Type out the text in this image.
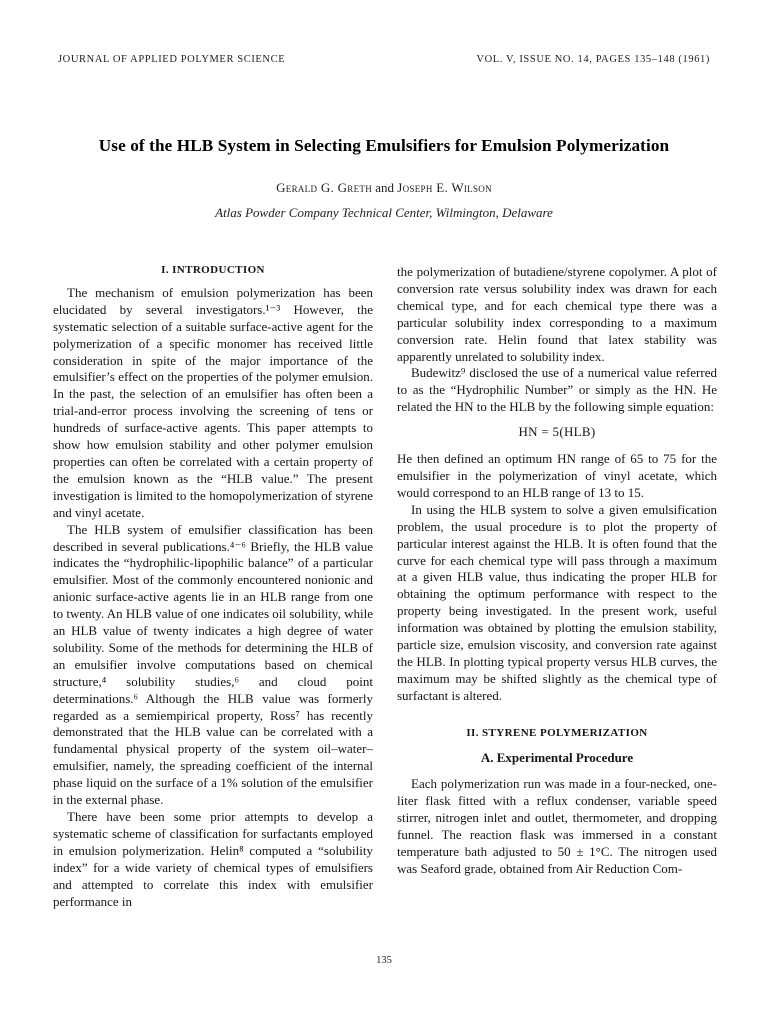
JOURNAL OF APPLIED POLYMER SCIENCE	VOL. V, ISSUE NO. 14, PAGES 135–148 (1961)
Use of the HLB System in Selecting Emulsifiers for Emulsion Polymerization
Gerald G. Greth and Joseph E. Wilson
Atlas Powder Company Technical Center, Wilmington, Delaware
I. INTRODUCTION

The mechanism of emulsion polymerization has been elucidated by several investigators.¹⁻³ However, the systematic selection of a suitable surface-active agent for the polymerization of a specific monomer has received little consideration in spite of the major importance of the emulsifier’s effect on the properties of the polymer emulsion. In the past, the selection of an emulsifier has often been a trial-and-error process involving the screening of tens or hundreds of surface-active agents. This paper attempts to show how emulsion stability and other polymer emulsion properties can often be correlated with a certain property of the emulsion known as the “HLB value.” The present investigation is limited to the homopolymerization of styrene and vinyl acetate.

The HLB system of emulsifier classification has been described in several publications.⁴⁻⁶ Briefly, the HLB value indicates the “hydrophilic-lipophilic balance” of a particular emulsifier. Most of the commonly encountered nonionic and anionic surface-active agents lie in an HLB range from one to twenty. An HLB value of one indicates oil solubility, while an HLB value of twenty indicates a high degree of water solubility. Some of the methods for determining the HLB of an emulsifier involve computations based on chemical structure,⁴ solubility studies,⁶ and cloud point determinations.⁶ Although the HLB value was formerly regarded as a semiempirical property, Ross⁷ has recently demonstrated that the HLB value can be correlated with a fundamental physical property of the system oil–water–emulsifier, namely, the spreading coefficient of the internal phase liquid on the surface of a 1% solution of the emulsifier in the external phase.

There have been some prior attempts to develop a systematic scheme of classification for surfactants employed in emulsion polymerization. Helin⁸ computed a “solubility index” for a wide variety of chemical types of emulsifiers and attempted to correlate this index with emulsifier performance in

the polymerization of butadiene/styrene copolymer. A plot of conversion rate versus solubility index was drawn for each chemical type, and for each chemical type there was a particular solubility index corresponding to a maximum conversion rate. Helin found that latex stability was apparently unrelated to solubility index.

Budewitz⁹ disclosed the use of a numerical value referred to as the “Hydrophilic Number” or simply as the HN. He related the HN to the HLB by the following simple equation:

HN = 5(HLB)

He then defined an optimum HN range of 65 to 75 for the emulsifier in the polymerization of vinyl acetate, which would correspond to an HLB range of 13 to 15.

In using the HLB system to solve a given emulsification problem, the usual procedure is to plot the property of particular interest against the HLB. It is often found that the curve for each chemical type will pass through a maximum at a given HLB value, thus indicating the proper HLB for obtaining the optimum performance with respect to the property being investigated. In the present work, useful information was obtained by plotting the emulsion stability, particle size, emulsion viscosity, and conversion rate against the HLB. In plotting typical property versus HLB curves, the maximum may be shifted slightly as the chemical type of surfactant is altered.

II. STYRENE POLYMERIZATION
A. Experimental Procedure

Each polymerization run was made in a four-necked, one-liter flask fitted with a reflux condenser, variable speed stirrer, nitrogen inlet and outlet, thermometer, and dropping funnel. The reaction flask was immersed in a constant temperature bath adjusted to 50 ± 1°C. The nitrogen used was Seaford grade, obtained from Air Reduction Com-

135
